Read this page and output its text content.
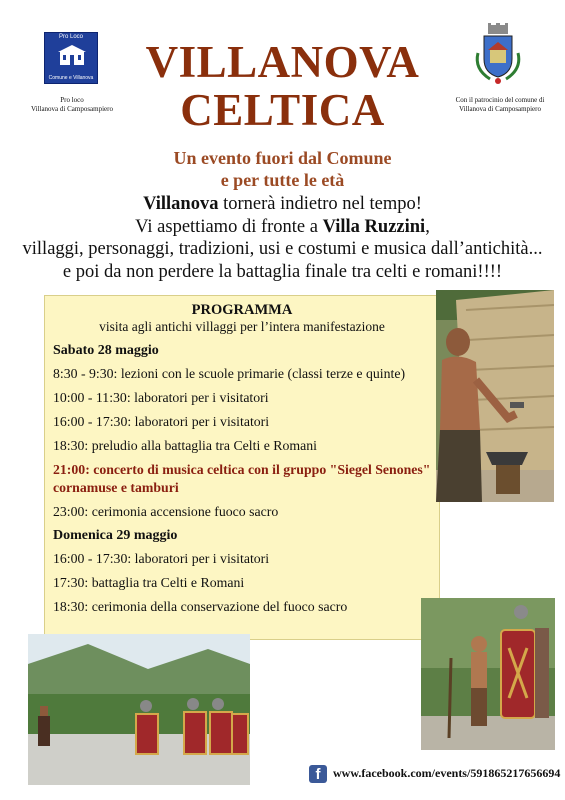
Pro Loco
Comune e Villanova
Pro loco
Villanova di Camposampiero
Con il patrocinio del comune di
Villanova di Camposampiero
VILLANOVA
CELTICA
Un evento fuori dal Comune
e per tutte le età
Villanova tornerà indietro nel tempo!
Vi aspettiamo di fronte a Villa Ruzzini,
villaggi, personaggi, tradizioni, usi e costumi e musica dall’antichità...
e poi da non perdere la battaglia finale tra celti e romani!!!!
PROGRAMMA
visita agli antichi villaggi per l’intera manifestazione
Sabato 28 maggio
8:30 - 9:30: lezioni con le scuole primarie (classi terze e quinte)
10:00 - 11:30: laboratori per i visitatori
16:00 - 17:30: laboratori per i visitatori
18:30: preludio alla battaglia tra Celti e Romani
21:00: concerto di musica celtica con il gruppo "Siegel Senones" cornamuse e tamburi
23:00: cerimonia accensione fuoco sacro
Domenica 29 maggio
16:00 - 17:30: laboratori per i visitatori
17:30: battaglia tra Celti e Romani
18:30: cerimonia della conservazione del fuoco sacro
f	www.facebook.com/events/591865217656694
